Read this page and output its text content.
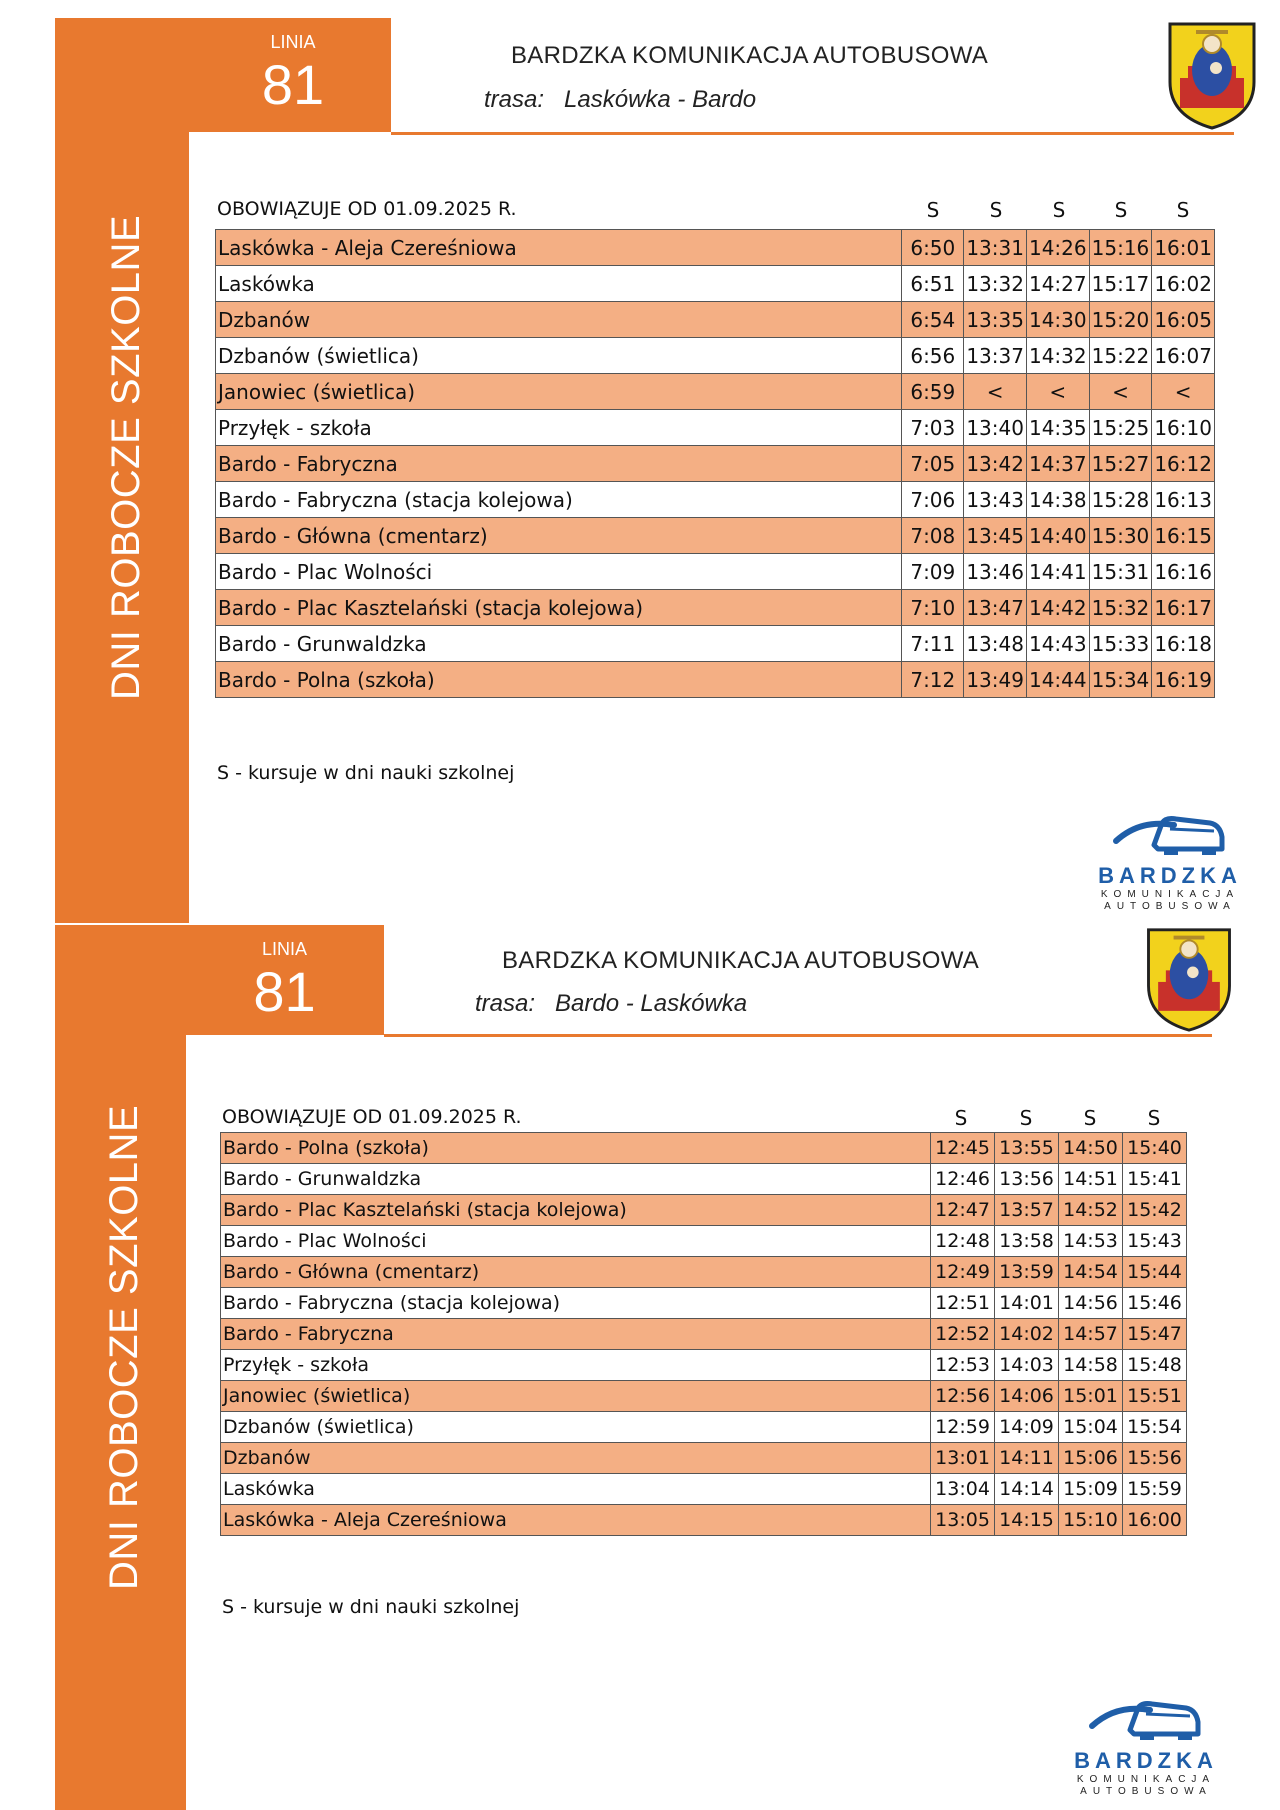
DNI ROBOCZE SZKOLNE
LINIA
81	BARDZKA KOMUNIKACJA AUTOBUSOWA
trasa: Laskówka - Bardo
OBOWIĄZUJE OD 01.09.2025 R.	S	S	S	S	S
Laskówka - Aleja Czereśniowa	6:50	13:31	14:26	15:16	16:01
Laskówka	6:51	13:32	14:27	15:17	16:02
Dzbanów	6:54	13:35	14:30	15:20	16:05
Dzbanów (świetlica)	6:56	13:37	14:32	15:22	16:07
Janowiec (świetlica)	6:59	<	<	<	<
Przyłęk - szkoła	7:03	13:40	14:35	15:25	16:10
Bardo - Fabryczna	7:05	13:42	14:37	15:27	16:12
Bardo - Fabryczna (stacja kolejowa)	7:06	13:43	14:38	15:28	16:13
Bardo - Główna (cmentarz)	7:08	13:45	14:40	15:30	16:15
Bardo - Plac Wolności	7:09	13:46	14:41	15:31	16:16
Bardo - Plac Kasztelański (stacja kolejowa)	7:10	13:47	14:42	15:32	16:17
Bardo - Grunwaldzka	7:11	13:48	14:43	15:33	16:18
Bardo - Polna (szkoła)	7:12	13:49	14:44	15:34	16:19
S - kursuje w dni nauki szkolnej
BARDZKA
KOMUNIKACJA
AUTOBUSOWA
DNI ROBOCZE SZKOLNE
LINIA
81	BARDZKA KOMUNIKACJA AUTOBUSOWA
trasa: Bardo - Laskówka
OBOWIĄZUJE OD 01.09.2025 R.	S	S	S	S
Bardo - Polna (szkoła)	12:45	13:55	14:50	15:40
Bardo - Grunwaldzka	12:46	13:56	14:51	15:41
Bardo - Plac Kasztelański (stacja kolejowa)	12:47	13:57	14:52	15:42
Bardo - Plac Wolności	12:48	13:58	14:53	15:43
Bardo - Główna (cmentarz)	12:49	13:59	14:54	15:44
Bardo - Fabryczna (stacja kolejowa)	12:51	14:01	14:56	15:46
Bardo - Fabryczna	12:52	14:02	14:57	15:47
Przyłęk - szkoła	12:53	14:03	14:58	15:48
Janowiec (świetlica)	12:56	14:06	15:01	15:51
Dzbanów (świetlica)	12:59	14:09	15:04	15:54
Dzbanów	13:01	14:11	15:06	15:56
Laskówka	13:04	14:14	15:09	15:59
Laskówka - Aleja Czereśniowa	13:05	14:15	15:10	16:00
S - kursuje w dni nauki szkolnej
BARDZKA
KOMUNIKACJA
AUTOBUSOWA
